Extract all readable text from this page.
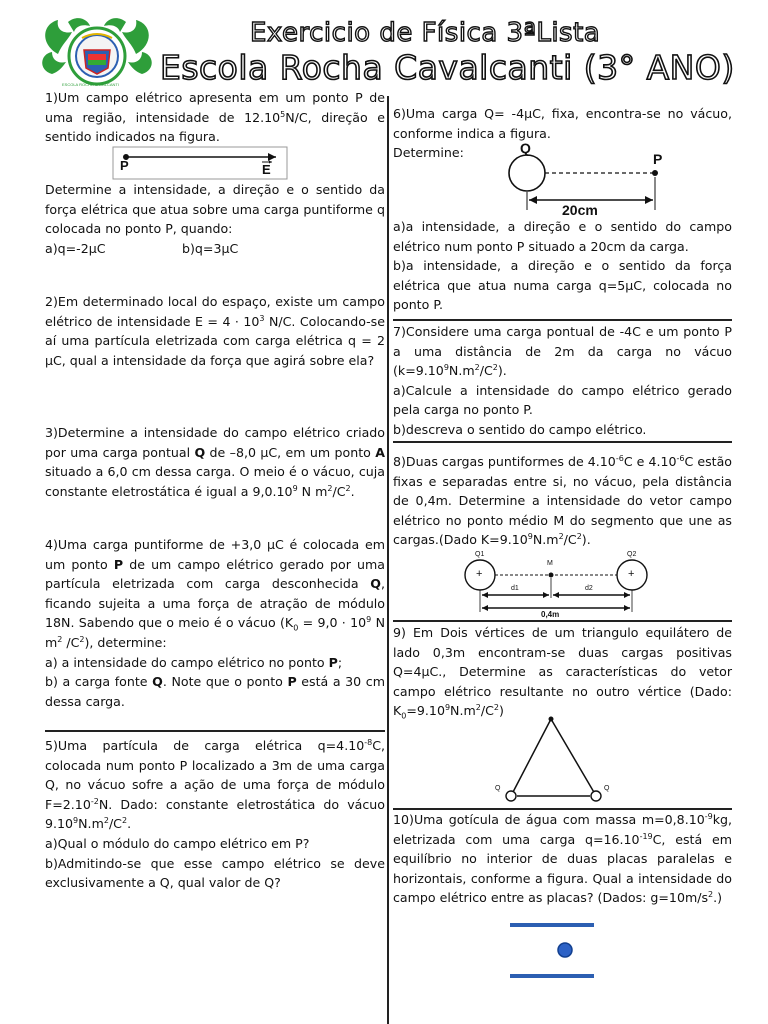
ESCOLA ROCHA CAVALCANTI
Exercicio de Física 3ªLista
Escola Rocha Cavalcanti (3° ANO)

1)Um campo elétrico apresenta em um ponto P de uma região, intensidade de 12.10$^5$N/C, direção e sentido indicados na figura.

P	E

Determine a intensidade, a direção e o sentido da força elétrica que atua sobre uma carga puntiforme q colocada no ponto P, quando:

a)q=-2μC	b)q=3μC

2)Em determinado local do espaço, existe um campo elétrico de intensidade $E = 4 \cdot 10^3$ N/C. Colocando-se aí uma partícula eletrizada com carga elétrica q = 2 μC, qual a intensidade da força que agirá sobre ela?

3)Determine a intensidade do campo elétrico criado por uma carga pontual Q de –8,0 μC, em um ponto A situado a 6,0 cm dessa carga. O meio é o vácuo, cuja constante eletrostática é igual a 9,0.10$^9$ N $m^2/C^2$.

4)Uma carga puntiforme de +3,0 μC é colocada em um ponto P de um campo elétrico gerado por uma partícula eletrizada com carga desconhecida Q, ficando sujeita a uma força de atração de módulo 18N. Sabendo que o meio é o vácuo ($K_0 = 9,0 \cdot 10^9$ N $m^2$ $/C^2$), determine:

a) a intensidade do campo elétrico no ponto P;

b) a carga fonte Q. Note que o ponto P está a 30 cm dessa carga.

5)Uma partícula de carga elétrica $q=4.10^{-8}C$, colocada num ponto P localizado a 3m de uma carga Q, no vácuo sofre a ação de uma força de módulo $F=2.10^{-2}N$. Dado: constante eletrostática do vácuo $9.10^9N.m^2/C^2$.

a)Qual o módulo do campo elétrico em P?

b)Admitindo-se que esse campo elétrico se deve exclusivamente a Q, qual valor de Q?

6)Uma carga Q= -4μC, fixa, encontra-se no vácuo, conforme indica a figura.

Determine:	Q
P
20cm

a)a intensidade, a direção e o sentido do campo elétrico num ponto P situado a 20cm da carga.

b)a intensidade, a direção e o sentido da força elétrica que atua numa carga q=5μC, colocada no ponto P.

7)Considere uma carga pontual de -4C e um ponto P a uma distância de 2m da carga no vácuo $(k=9.10^9N.m^2/C^2)$.

a)Calcule a intensidade do campo elétrico gerado pela carga no ponto P.

b)descreva o sentido do campo elétrico.

8)Duas cargas puntiformes de $4.10^{-6}C$ e $4.10^{-6}C$ estão fixas e separadas entre si, no vácuo, pela distância de 0,4m. Determine a intensidade do vetor campo elétrico no ponto médio M do segmento que une as cargas.(Dado $K=9.10^9N.m^2/C^2$).

Q1	Q2
M
+	+
d1	d2
0,4m

9) Em Dois vértices de um triangulo equilátero de lado 0,3m encontram-se duas cargas positivas Q=4μC., Determine as características do vetor campo elétrico resultante no outro vértice (Dado: $K_0=9.10^9N.m^2/C^2$)

Q	Q

10)Uma gotícula de água com massa $m=0,8.10^{-9}kg$, eletrizada com uma carga $q=16.10^{-19}C$, está em equilíbrio no interior de duas placas paralelas e horizontais, conforme a figura. Qual a intensidade do campo elétrico entre as placas? (Dados: $g=10m/s^2$.)
